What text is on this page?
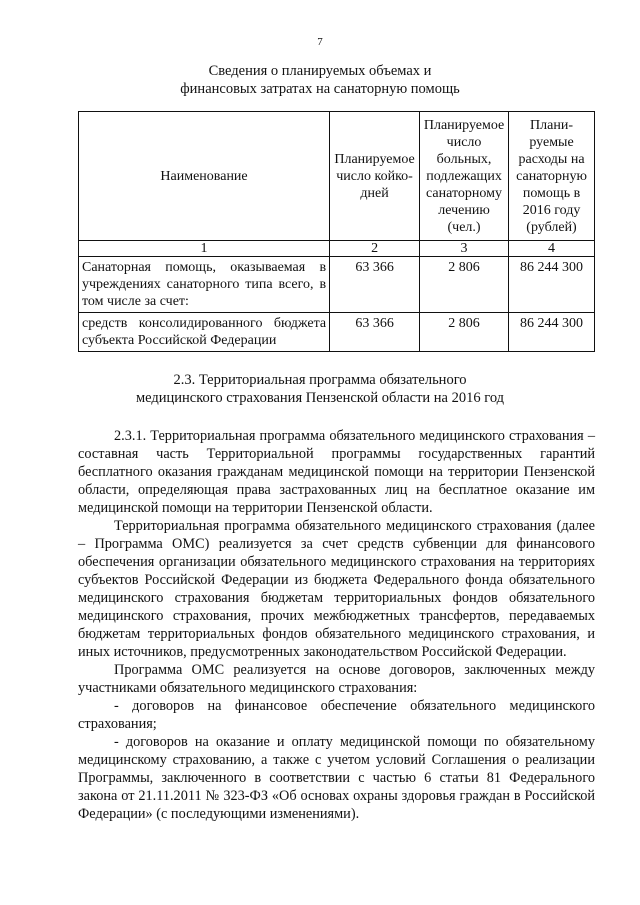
7
Сведения о планируемых объемах и
финансовых затратах на санаторную помощь
Наименование	Планируемое число койко-дней	Планируемое число больных, подлежащих санаторному лечению (чел.)	Плани-руемые расходы на санаторную помощь в 2016 году (рублей)
1	2	3	4
Санаторная помощь, оказываемая в учреждениях санаторного типа всего, в том числе за счет:	63 366	2 806	86 244 300
средств консолидированного бюджета субъекта Российской Федерации	63 366	2 806	86 244 300
2.3. Территориальная программа обязательного
медицинского страхования Пензенской области на 2016 год

2.3.1. Территориальная программа обязательного медицинского страхования – составная часть Территориальной программы государственных гарантий бесплатного оказания гражданам медицинской помощи на территории Пензенской области, определяющая права застрахованных лиц на бесплатное оказание им медицинской помощи на территории Пензенской области.

Территориальная программа обязательного медицинского страхования (далее – Программа ОМС) реализуется за счет средств субвенции для финансового обеспечения организации обязательного медицинского страхования на территориях субъектов Российской Федерации из бюджета Федерального фонда обязательного медицинского страхования бюджетам территориальных фондов обязательного медицинского страхования, прочих межбюджетных трансфертов, передаваемых бюджетам территориальных фондов обязательного медицинского страхования, и иных источников, предусмотренных законодательством Российской Федерации.

Программа ОМС реализуется на основе договоров, заключенных между участниками обязательного медицинского страхования:

- договоров на финансовое обеспечение обязательного медицинского страхования;

- договоров на оказание и оплату медицинской помощи по обязательному медицинскому страхованию, а также с учетом условий Соглашения о реализации Программы, заключенного в соответствии с частью 6 статьи 81 Федерального закона от 21.11.2011 № 323-ФЗ «Об основах охраны здоровья граждан в Российской Федерации» (с последующими изменениями).
